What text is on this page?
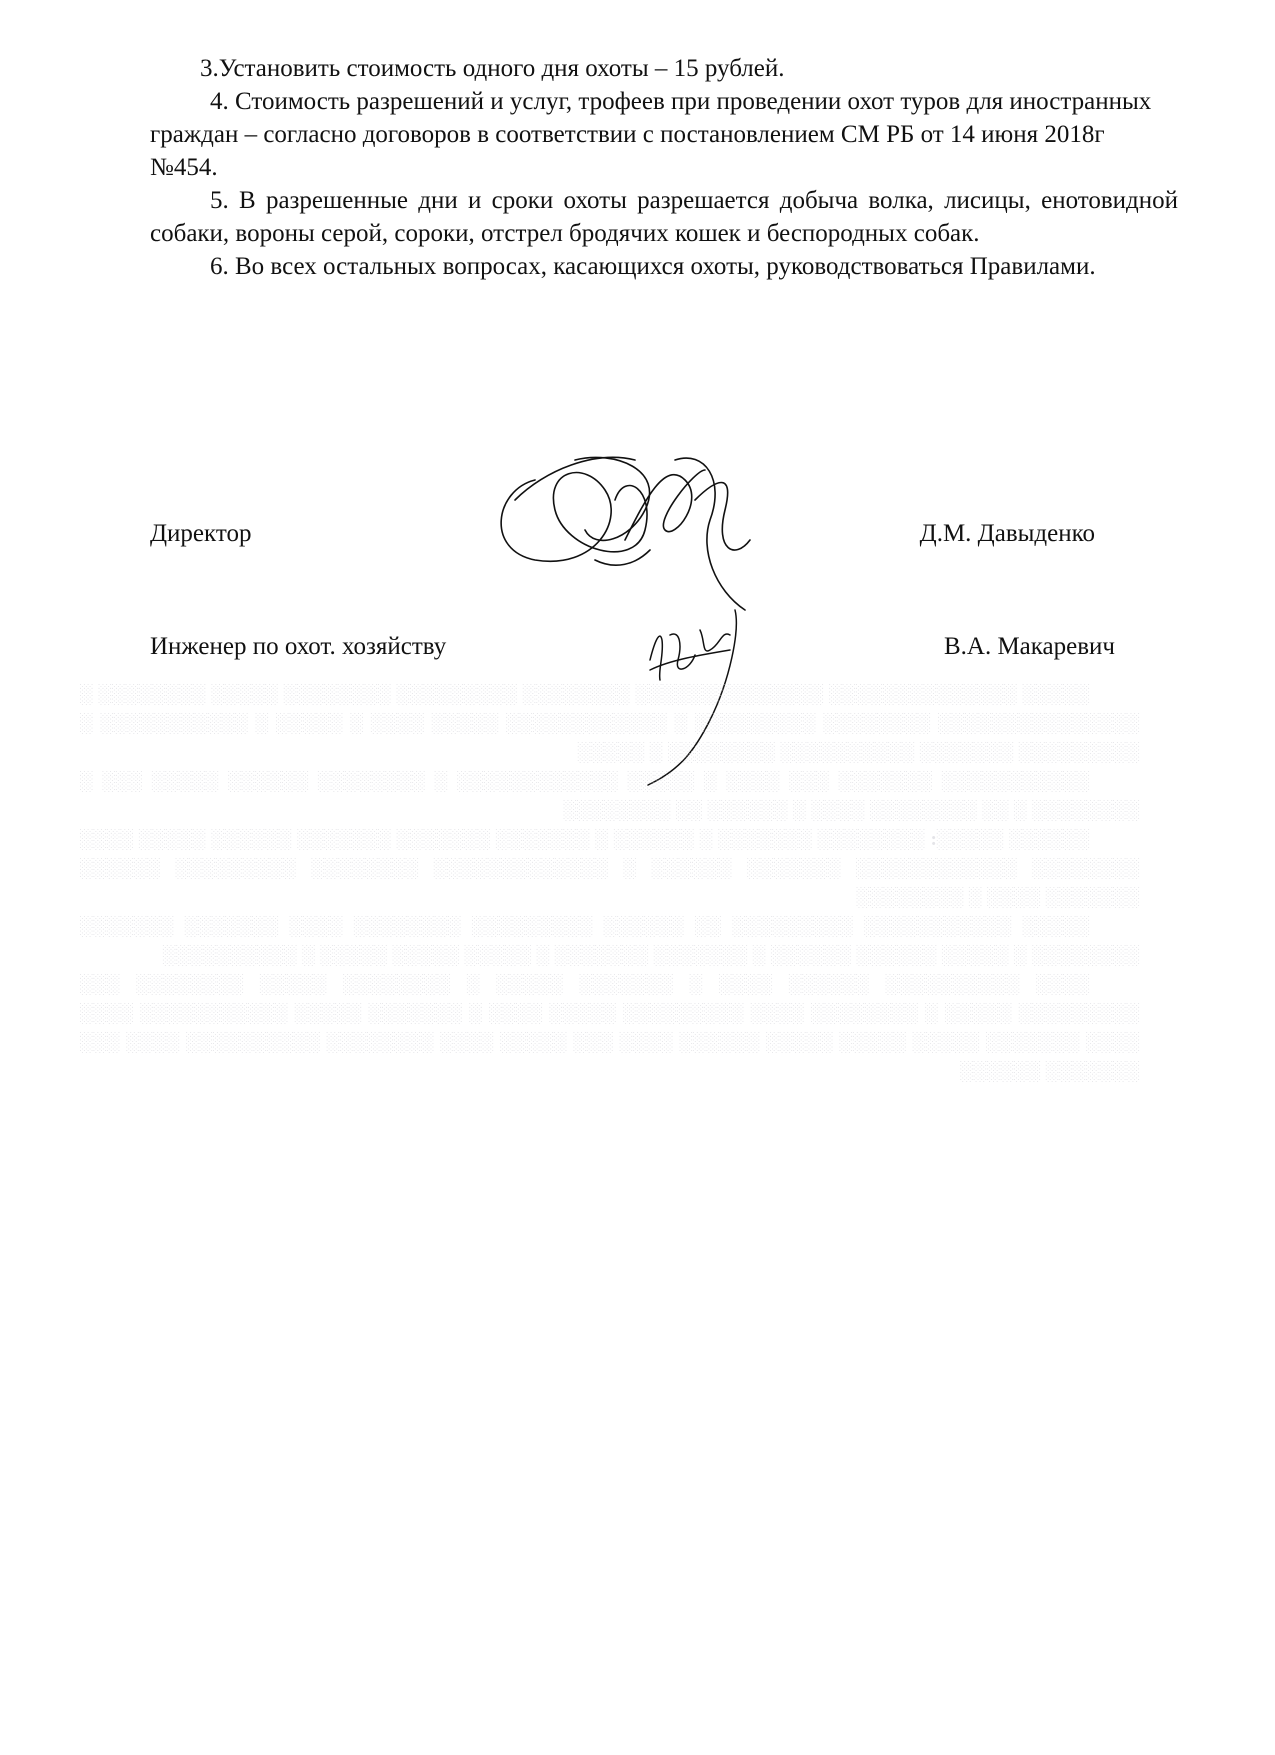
3.Установить стоимость одного дня охоты – 15 рублей.

4. Стоимость разрешений и услуг, трофеев при проведении охот туров для иностранных граждан – согласно договоров в соответствии с постановлением СМ РБ от 14 июня 2018г №454.

5. В разрешенные дни и сроки охоты разрешается добыча волка, лисицы, енотовидной собаки, вороны серой, сороки, отстрел бродячих кошек и беспородных собак.

6. Во всех остальных вопросах, касающихся охоты, руководствоваться Правилами.

Директор	Д.М. Давыденко
Инженер по охот. хозяйству	В.А. Макаревич

░░░░░ ░░░░░░░░░░░░░░ ░░░░░░░░░░░░░░ ░░░░░░░░ ░░░░░░░░░ ░░░░░░░░ ░░░░░ ░░░░░░░░ ░ ░░░░░░░░░░░░░░░ ░░░░░░░░ ░░░░░░░░░ ░ ░░░░░░░░░░░░ ░░░░░ ░░░░ ░ ░░░░░ ░ ░░░░░░░░░░░ ░ ░░░░░░░░░ ░░░░░░░ ░░░░░░░░░░ ░░░░░░░░ ░ ░░░░░

░░░░░░░░░░░ ░░░░░░░ ░░░ ░░░░ ░ ░░░░░ ░░░░░░░░░░░░ ░ ░░░░░░░░ ░░░░░░ ░░░░░ ░░░ ░ ░░░░░░░░ ░ ░░ ░░░░░░░░ ░░░░ ░ ░░░░░░ ░░ ░░░░░░░░

░░░░░░ ░░░░░: ░░░░░░░░ ░░░░░░░ ░ ░░░░░░ ░ ░░░░░░░ ░░░░░░░ ░░░░░░░ ░░░░░░ ░░░░░ ░░░░ ░░░░░░░░ ░░░░░░░░░░░░ ░░░░░░░ ░░░░░░ ░ ░░░░░░░░░░░░░ ░░░░░░░░ ░░░░░░░░░ ░░░░░░ ░░░░░░░ ░░░░ ░ ░░░░░░░░

░░░░░ ░░░░░░░░░░░ ░░░░░░░░░ ░░ ░░░░░░ ░░░░░░░░░ ░░░░░░░░ ░░░░ ░░░░░░░ ░░░░░░░ ░░░░░░░░ ░ ░░░░░ ░░░░░░ ░░░░░░ ░ ░░░░░░░ ░░░░░░░ ░ ░░░░░ ░░░░░ ░░░░░ ░ ░░░░░░░░░░

░░░░ ░░░░░░░░░░ ░░░░░░ ░░░░ ░ ░░░░░░░ ░░░░░ ░ ░░░░░░░░ ░░░░░ ░░░░░░░░ ░░░ ░░░░░░░░░ ░░░░░ ░ ░░░░░░░░ ░░░░ ░░░░░░░░░ ░░░░░ ░░░░ ░ ░░░░░░░ ░░░░░ ░░░░░░░░░░░ ░░░░ ░░░░ ░░░░░░░ ░░░░░ ░░░░░ ░░░░░ ░░░░░░ ░░░░ ░░░ ░░░░░ ░░░░ ░░░░░░░░ ░░░░░░░░░░ ░░░░ ░░░ ░░░░░░░ ░░░░░░
